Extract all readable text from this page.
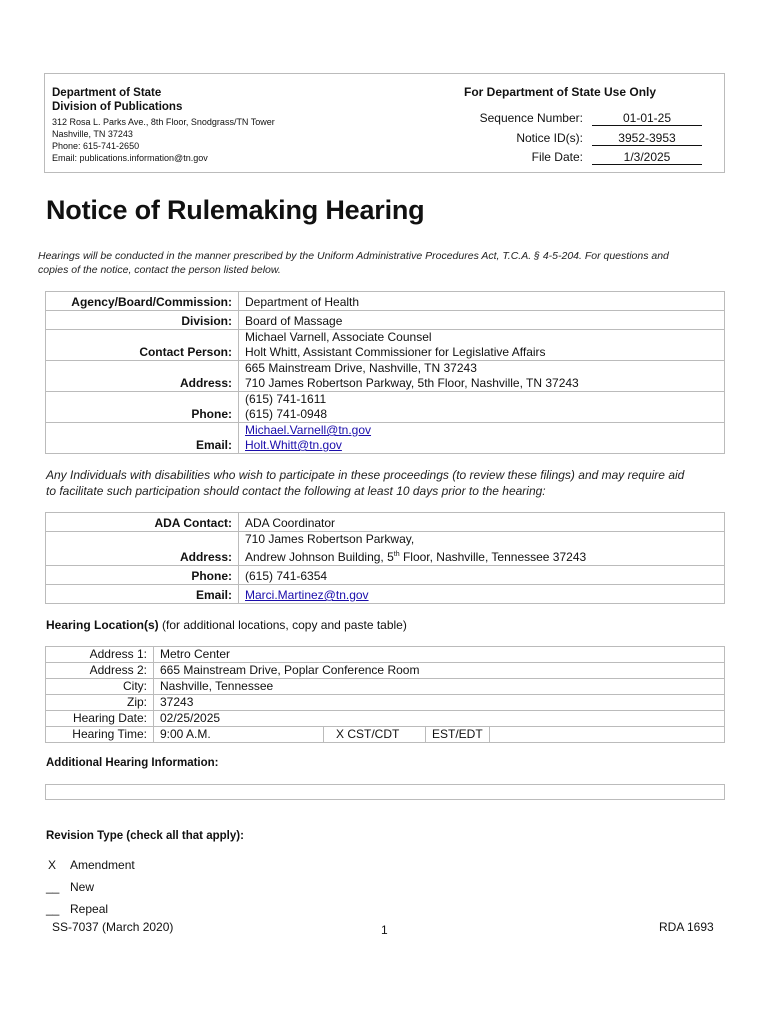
Department of State
Division of Publications
312 Rosa L. Parks Ave., 8th Floor, Snodgrass/TN Tower
Nashville, TN 37243
Phone: 615-741-2650
Email: publications.information@tn.gov
For Department of State Use Only
Sequence Number:	01-01-25
Notice ID(s):	3952-3953
File Date:	1/3/2025
Notice of Rulemaking Hearing
Hearings will be conducted in the manner prescribed by the Uniform Administrative Procedures Act, T.C.A. § 4-5-204. For questions and
copies of the notice, contact the person listed below.
Agency/Board/Commission:	Department of Health
Division:	Board of Massage
Contact Person:	Michael Varnell, Associate Counsel
Holt Whitt, Assistant Commissioner for Legislative Affairs

Address:	665 Mainstream Drive, Nashville, TN 37243
710 James Robertson Parkway, 5th Floor, Nashville, TN 37243

Phone:	(615) 741-1611
(615) 741-0948

Email:	Michael.Varnell@tn.gov
Holt.Whitt@tn.gov
Any Individuals with disabilities who wish to participate in these proceedings (to review these filings) and may require aid
to facilitate such participation should contact the following at least 10 days prior to the hearing:
ADA Contact:	ADA Coordinator
Address:	710 James Robertson Parkway,
Andrew Johnson Building, 5th Floor, Nashville, Tennessee 37243

Phone:	(615) 741-6354
Email:	Marci.Martinez@tn.gov
Hearing Location(s) (for additional locations, copy and paste table)
Address 1:	Metro Center			
Address 2:	665 Mainstream Drive, Poplar Conference Room			
City:	Nashville, Tennessee			
Zip:	37243			
Hearing Date:	02/25/2025			
Hearing Time:	9:00 A.M.	X CST/CDT	EST/EDT	
Additional Hearing Information:
Revision Type (check all that apply):
X Amendment
__ New
__ Repeal
SS-7037 (March 2020)	1	RDA 1693
